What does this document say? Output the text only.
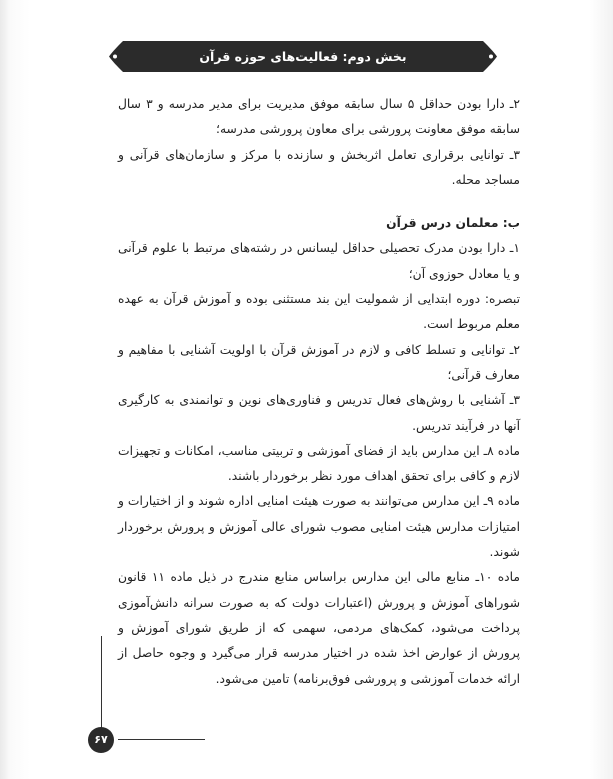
بخش دوم: فعالیت‌های حوزه قرآن

۲ـ دارا بودن حداقل ۵ سال سابقه موفق مدیریت برای مدیر مدرسه و ۳ سال سابقه موفق معاونت پرورشی برای معاون پرورشی مدرسه؛

۳ـ توانایی برقراری تعامل اثربخش و سازنده با مرکز و سازمان‌های قرآنی و مساجد محله.

ب: معلمان درس قرآن

۱ـ دارا بودن مدرک تحصیلی حداقل لیسانس در رشته‌های مرتبط با علوم قرآنی و یا معادل حوزوی آن؛

تبصره: دوره ابتدایی از شمولیت این بند مستثنی بوده و آموزش قرآن به عهده معلم مربوط است.

۲ـ توانایی و تسلط کافی و لازم در آموزش قرآن با اولویت آشنایی با مفاهیم و معارف قرآنی؛

۳ـ آشنایی با روش‌های فعال تدریس و فناوری‌های نوین و توانمندی به کارگیری آنها در فرآیند تدریس.

ماده ۸ـ این مدارس باید از فضای آموزشی و تربیتی مناسب، امکانات و تجهیزات لازم و کافی برای تحقق اهداف مورد نظر برخوردار باشند.

ماده ۹ـ این مدارس می‌توانند به صورت هیئت امنایی اداره شوند و از اختیارات و امتیازات مدارس هیئت امنایی مصوب شورای عالی آموزش و پرورش برخوردار شوند.

ماده ۱۰ـ منابع مالی این مدارس براساس منابع مندرج در ذیل ماده ۱۱ قانون شوراهای آموزش و پرورش (اعتبارات دولت که به صورت سرانه دانش‌آموزی پرداخت می‌شود، کمک‌های مردمی، سهمی که از طریق شورای آموزش و پرورش از عوارض اخذ شده در اختیار مدرسه قرار می‌گیرد و وجوه حاصل از ارائه خدمات آموزشی و پرورشی فوق‌برنامه) تامین می‌شود.

۶۷
